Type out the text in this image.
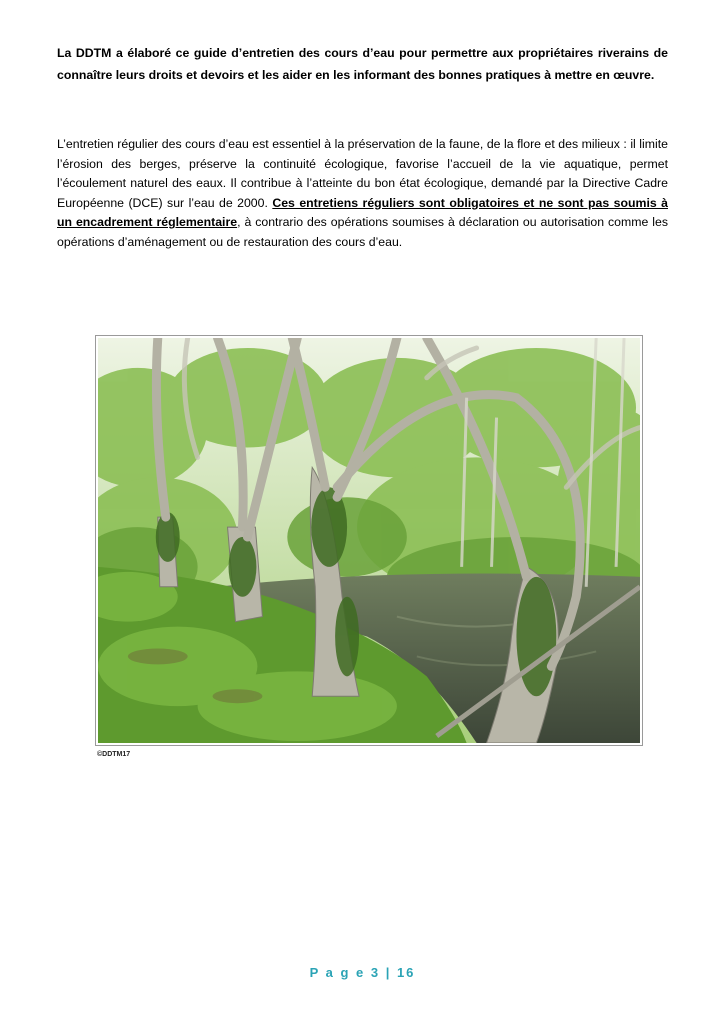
La DDTM a élaboré ce guide d’entretien des cours d’eau pour permettre aux propriétaires riverains de connaître leurs droits et devoirs et les aider en les informant des bonnes pratiques à mettre en œuvre.

L’entretien régulier des cours d’eau est essentiel à la préservation de la faune, de la flore et des milieux : il limite l’érosion des berges, préserve la continuité écologique, favorise l’accueil de la vie aquatique, permet l’écoulement naturel des eaux. Il contribue à l’atteinte du bon état écologique, demandé par la Directive Cadre Européenne (DCE) sur l’eau de 2000. Ces entretiens réguliers sont obligatoires et ne sont pas soumis à un encadrement réglementaire, à contrario des opérations soumises à déclaration ou autorisation comme les opérations d’aménagement ou de restauration des cours d’eau.

©DDTM17
P a g e 3 | 16
